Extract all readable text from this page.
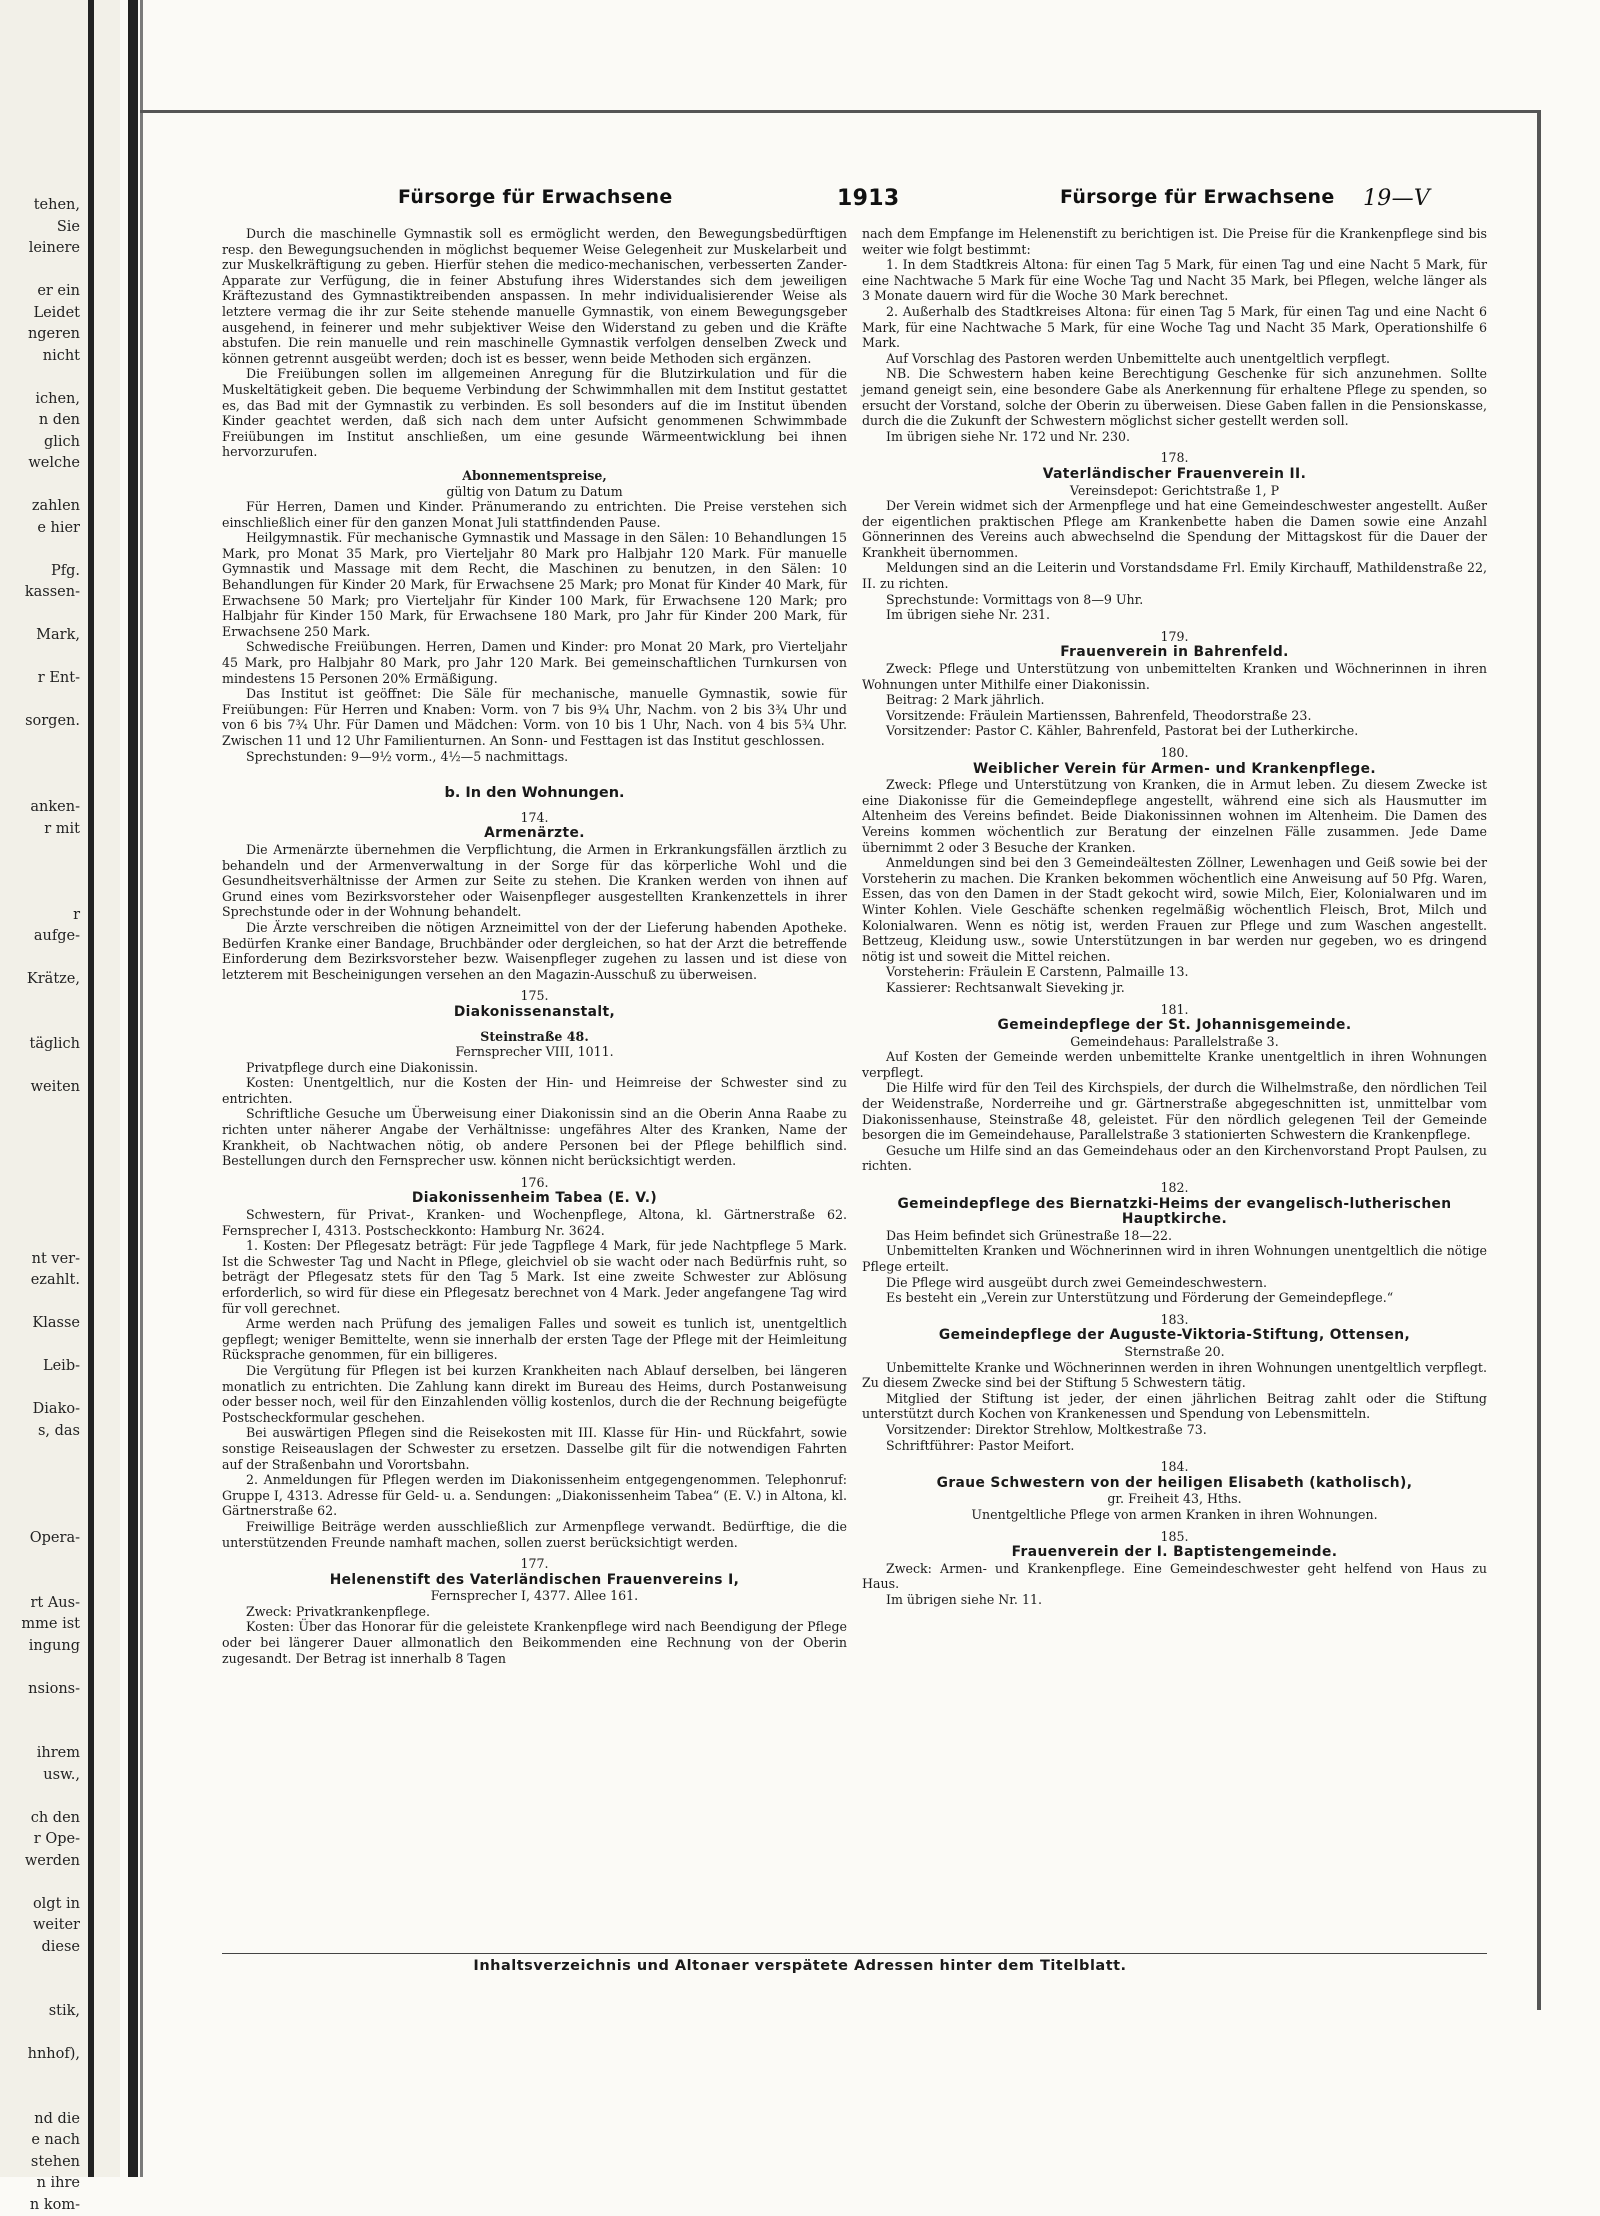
tehen,
Sie
leinere

er ein
Leidet
ngeren
nicht

ichen,
n den
glich
welche

zahlen
e hier

Pfg.
kassen-

Mark,

r Ent-

sorgen.

anken-
r mit

r
aufge-

Krätze,

täglich

weiten

nt ver-
ezahlt.

Klasse

Leib-

Diako-
s, das

Opera-

rt Aus-
mme ist
ingung

nsions-

ihrem
usw.,

ch den
r Ope-
werden

olgt in
weiter
diese

stik,

hnhof),

nd die
e nach
stehen
n ihre
n kom-
Fürsorge für Erwachsene	1913	Fürsorge für Erwachsene 19—V

Durch die maschinelle Gymnastik soll es ermöglicht werden, den Bewegungsbedürftigen resp. den Bewegungsuchenden in möglichst bequemer Weise Gelegenheit zur Muskelarbeit und zur Muskelkräftigung zu geben. Hierfür stehen die medico-mechanischen, verbesserten Zander-Apparate zur Verfügung, die in feiner Abstufung ihres Widerstandes sich dem jeweiligen Kräftezustand des Gymnastiktreibenden anspassen. In mehr individualisierender Weise als letztere vermag die ihr zur Seite stehende manuelle Gymnastik, von einem Bewegungsgeber ausgehend, in feinerer und mehr subjektiver Weise den Widerstand zu geben und die Kräfte abstufen. Die rein manuelle und rein maschinelle Gymnastik verfolgen denselben Zweck und können getrennt ausgeübt werden; doch ist es besser, wenn beide Methoden sich ergänzen.

Die Freiübungen sollen im allgemeinen Anregung für die Blutzirkulation und für die Muskeltätigkeit geben. Die bequeme Verbindung der Schwimmhallen mit dem Institut gestattet es, das Bad mit der Gymnastik zu verbinden. Es soll besonders auf die im Institut übenden Kinder geachtet werden, daß sich nach dem unter Aufsicht genommenen Schwimmbade Freiübungen im Institut anschließen, um eine gesunde Wärmeentwicklung bei ihnen hervorzurufen.

Abonnementspreise,

gültig von Datum zu Datum

Für Herren, Damen und Kinder. Pränumerando zu entrichten. Die Preise verstehen sich einschließlich einer für den ganzen Monat Juli stattfindenden Pause.

Heilgymnastik. Für mechanische Gymnastik und Massage in den Sälen: 10 Behandlungen 15 Mark, pro Monat 35 Mark, pro Vierteljahr 80 Mark pro Halbjahr 120 Mark. Für manuelle Gymnastik und Massage mit dem Recht, die Maschinen zu benutzen, in den Sälen: 10 Behandlungen für Kinder 20 Mark, für Erwachsene 25 Mark; pro Monat für Kinder 40 Mark, für Erwachsene 50 Mark; pro Vierteljahr für Kinder 100 Mark, für Erwachsene 120 Mark; pro Halbjahr für Kinder 150 Mark, für Erwachsene 180 Mark, pro Jahr für Kinder 200 Mark, für Erwachsene 250 Mark.

Schwedische Freiübungen. Herren, Damen und Kinder: pro Monat 20 Mark, pro Vierteljahr 45 Mark, pro Halbjahr 80 Mark, pro Jahr 120 Mark. Bei gemeinschaftlichen Turnkursen von mindestens 15 Personen 20% Ermäßigung.

Das Institut ist geöffnet: Die Säle für mechanische, manuelle Gymnastik, sowie für Freiübungen: Für Herren und Knaben: Vorm. von 7 bis 9¾ Uhr, Nachm. von 2 bis 3¾ Uhr und von 6 bis 7¾ Uhr. Für Damen und Mädchen: Vorm. von 10 bis 1 Uhr, Nach. von 4 bis 5¾ Uhr. Zwischen 11 und 12 Uhr Familienturnen. An Sonn- und Festtagen ist das Institut geschlossen.

Sprechstunden: 9—9½ vorm., 4½—5 nachmittags.

b. In den Wohnungen.

174.

Armenärzte.

Die Armenärzte übernehmen die Verpflichtung, die Armen in Erkrankungsfällen ärztlich zu behandeln und der Armenverwaltung in der Sorge für das körperliche Wohl und die Gesundheitsverhältnisse der Armen zur Seite zu stehen. Die Kranken werden von ihnen auf Grund eines vom Bezirksvorsteher oder Waisenpfleger ausgestellten Krankenzettels in ihrer Sprechstunde oder in der Wohnung behandelt.

Die Ärzte verschreiben die nötigen Arzneimittel von der der Lieferung habenden Apotheke. Bedürfen Kranke einer Bandage, Bruchbänder oder dergleichen, so hat der Arzt die betreffende Einforderung dem Bezirksvorsteher bezw. Waisenpfleger zugehen zu lassen und ist diese von letzterem mit Bescheinigungen versehen an den Magazin-Ausschuß zu überweisen.

175.

Diakonissenanstalt,

Steinstraße 48.

Fernsprecher VIII, 1011.

Privatpflege durch eine Diakonissin.

Kosten: Unentgeltlich, nur die Kosten der Hin- und Heimreise der Schwester sind zu entrichten.

Schriftliche Gesuche um Überweisung einer Diakonissin sind an die Oberin Anna Raabe zu richten unter näherer Angabe der Verhältnisse: ungefähres Alter des Kranken, Name der Krankheit, ob Nachtwachen nötig, ob andere Personen bei der Pflege behilflich sind. Bestellungen durch den Fernsprecher usw. können nicht berücksichtigt werden.

176.

Diakonissenheim Tabea (E. V.)

Schwestern, für Privat-, Kranken- und Wochenpflege, Altona, kl. Gärtnerstraße 62. Fernsprecher I, 4313. Postscheckkonto: Hamburg Nr. 3624.

1. Kosten: Der Pflegesatz beträgt: Für jede Tagpflege 4 Mark, für jede Nachtpflege 5 Mark. Ist die Schwester Tag und Nacht in Pflege, gleichviel ob sie wacht oder nach Bedürfnis ruht, so beträgt der Pflegesatz stets für den Tag 5 Mark. Ist eine zweite Schwester zur Ablösung erforderlich, so wird für diese ein Pflegesatz berechnet von 4 Mark. Jeder angefangene Tag wird für voll gerechnet.

Arme werden nach Prüfung des jemaligen Falles und soweit es tunlich ist, unentgeltlich gepflegt; weniger Bemittelte, wenn sie innerhalb der ersten Tage der Pflege mit der Heimleitung Rücksprache genommen, für ein billigeres.

Die Vergütung für Pflegen ist bei kurzen Krankheiten nach Ablauf derselben, bei längeren monatlich zu entrichten. Die Zahlung kann direkt im Bureau des Heims, durch Postanweisung oder besser noch, weil für den Einzahlenden völlig kostenlos, durch die der Rechnung beigefügte Postscheckformular geschehen.

Bei auswärtigen Pflegen sind die Reisekosten mit III. Klasse für Hin- und Rückfahrt, sowie sonstige Reiseauslagen der Schwester zu ersetzen. Dasselbe gilt für die notwendigen Fahrten auf der Straßenbahn und Vorortsbahn.

2. Anmeldungen für Pflegen werden im Diakonissenheim entgegengenommen. Telephonruf: Gruppe I, 4313. Adresse für Geld- u. a. Sendungen: „Diakonissenheim Tabea“ (E. V.) in Altona, kl. Gärtnerstraße 62.

Freiwillige Beiträge werden ausschließlich zur Armenpflege verwandt. Bedürftige, die die unterstützenden Freunde namhaft machen, sollen zuerst berücksichtigt werden.

177.

Helenenstift des Vaterländischen Frauenvereins I,

Fernsprecher I, 4377. Allee 161.

Zweck: Privatkrankenpflege.

Kosten: Über das Honorar für die geleistete Krankenpflege wird nach Beendigung der Pflege oder bei längerer Dauer allmonatlich den Beikommenden eine Rechnung von der Oberin zugesandt. Der Betrag ist innerhalb 8 Tagen

nach dem Empfange im Helenenstift zu berichtigen ist. Die Preise für die Krankenpflege sind bis weiter wie folgt bestimmt:

1. In dem Stadtkreis Altona: für einen Tag 5 Mark, für einen Tag und eine Nacht 5 Mark, für eine Nachtwache 5 Mark für eine Woche Tag und Nacht 35 Mark, bei Pflegen, welche länger als 3 Monate dauern wird für die Woche 30 Mark berechnet.

2. Außerhalb des Stadtkreises Altona: für einen Tag 5 Mark, für einen Tag und eine Nacht 6 Mark, für eine Nachtwache 5 Mark, für eine Woche Tag und Nacht 35 Mark, Operationshilfe 6 Mark.

Auf Vorschlag des Pastoren werden Unbemittelte auch unentgeltlich verpflegt.

NB. Die Schwestern haben keine Berechtigung Geschenke für sich anzunehmen. Sollte jemand geneigt sein, eine besondere Gabe als Anerkennung für erhaltene Pflege zu spenden, so ersucht der Vorstand, solche der Oberin zu überweisen. Diese Gaben fallen in die Pensionskasse, durch die die Zukunft der Schwestern möglichst sicher gestellt werden soll.

Im übrigen siehe Nr. 172 und Nr. 230.

178.

Vaterländischer Frauenverein II.

Vereinsdepot: Gerichtstraße 1, P

Der Verein widmet sich der Armenpflege und hat eine Gemeindeschwester angestellt. Außer der eigentlichen praktischen Pflege am Krankenbette haben die Damen sowie eine Anzahl Gönnerinnen des Vereins auch abwechselnd die Spendung der Mittagskost für die Dauer der Krankheit übernommen.

Meldungen sind an die Leiterin und Vorstandsdame Frl. Emily Kirchauff, Mathildenstraße 22, II. zu richten.

Sprechstunde: Vormittags von 8—9 Uhr.

Im übrigen siehe Nr. 231.

179.

Frauenverein in Bahrenfeld.

Zweck: Pflege und Unterstützung von unbemittelten Kranken und Wöchnerinnen in ihren Wohnungen unter Mithilfe einer Diakonissin.

Beitrag: 2 Mark jährlich.

Vorsitzende: Fräulein Martienssen, Bahrenfeld, Theodorstraße 23.

Vorsitzender: Pastor C. Kähler, Bahrenfeld, Pastorat bei der Lutherkirche.

180.

Weiblicher Verein für Armen- und Krankenpflege.

Zweck: Pflege und Unterstützung von Kranken, die in Armut leben. Zu diesem Zwecke ist eine Diakonisse für die Gemeindepflege angestellt, während eine sich als Hausmutter im Altenheim des Vereins befindet. Beide Diakonissinnen wohnen im Altenheim. Die Damen des Vereins kommen wöchentlich zur Beratung der einzelnen Fälle zusammen. Jede Dame übernimmt 2 oder 3 Besuche der Kranken.

Anmeldungen sind bei den 3 Gemeindeältesten Zöllner, Lewenhagen und Geiß sowie bei der Vorsteherin zu machen. Die Kranken bekommen wöchentlich eine Anweisung auf 50 Pfg. Waren, Essen, das von den Damen in der Stadt gekocht wird, sowie Milch, Eier, Kolonialwaren und im Winter Kohlen. Viele Geschäfte schenken regelmäßig wöchentlich Fleisch, Brot, Milch und Kolonialwaren. Wenn es nötig ist, werden Frauen zur Pflege und zum Waschen angestellt. Bettzeug, Kleidung usw., sowie Unterstützungen in bar werden nur gegeben, wo es dringend nötig ist und soweit die Mittel reichen.

Vorsteherin: Fräulein E Carstenn, Palmaille 13.

Kassierer: Rechtsanwalt Sieveking jr.

181.

Gemeindepflege der St. Johannisgemeinde.

Gemeindehaus: Parallelstraße 3.

Auf Kosten der Gemeinde werden unbemittelte Kranke unentgeltlich in ihren Wohnungen verpflegt.

Die Hilfe wird für den Teil des Kirchspiels, der durch die Wilhelmstraße, den nördlichen Teil der Weidenstraße, Norderreihe und gr. Gärtnerstraße abgegeschnitten ist, unmittelbar vom Diakonissenhause, Steinstraße 48, geleistet. Für den nördlich gelegenen Teil der Gemeinde besorgen die im Gemeindehause, Parallelstraße 3 stationierten Schwestern die Krankenpflege.

Gesuche um Hilfe sind an das Gemeindehaus oder an den Kirchenvorstand Propt Paulsen, zu richten.

182.

Gemeindepflege des Biernatzki-Heims der evangelisch-lutherischen Hauptkirche.

Das Heim befindet sich Grünestraße 18—22.

Unbemittelten Kranken und Wöchnerinnen wird in ihren Wohnungen unentgeltlich die nötige Pflege erteilt.

Die Pflege wird ausgeübt durch zwei Gemeindeschwestern.

Es besteht ein „Verein zur Unterstützung und Förderung der Gemeindepflege.“

183.

Gemeindepflege der Auguste-Viktoria-Stiftung, Ottensen,

Sternstraße 20.

Unbemittelte Kranke und Wöchnerinnen werden in ihren Wohnungen unentgeltlich verpflegt. Zu diesem Zwecke sind bei der Stiftung 5 Schwestern tätig.

Mitglied der Stiftung ist jeder, der einen jährlichen Beitrag zahlt oder die Stiftung unterstützt durch Kochen von Krankenessen und Spendung von Lebensmitteln.

Vorsitzender: Direktor Strehlow, Moltkestraße 73.

Schriftführer: Pastor Meifort.

184.

Graue Schwestern von der heiligen Elisabeth (katholisch),

gr. Freiheit 43, Hths.

Unentgeltliche Pflege von armen Kranken in ihren Wohnungen.

185.

Frauenverein der I. Baptistengemeinde.

Zweck: Armen- und Krankenpflege. Eine Gemeindeschwester geht helfend von Haus zu Haus.

Im übrigen siehe Nr. 11.

Inhaltsverzeichnis und Altonaer verspätete Adressen hinter dem Titelblatt.
